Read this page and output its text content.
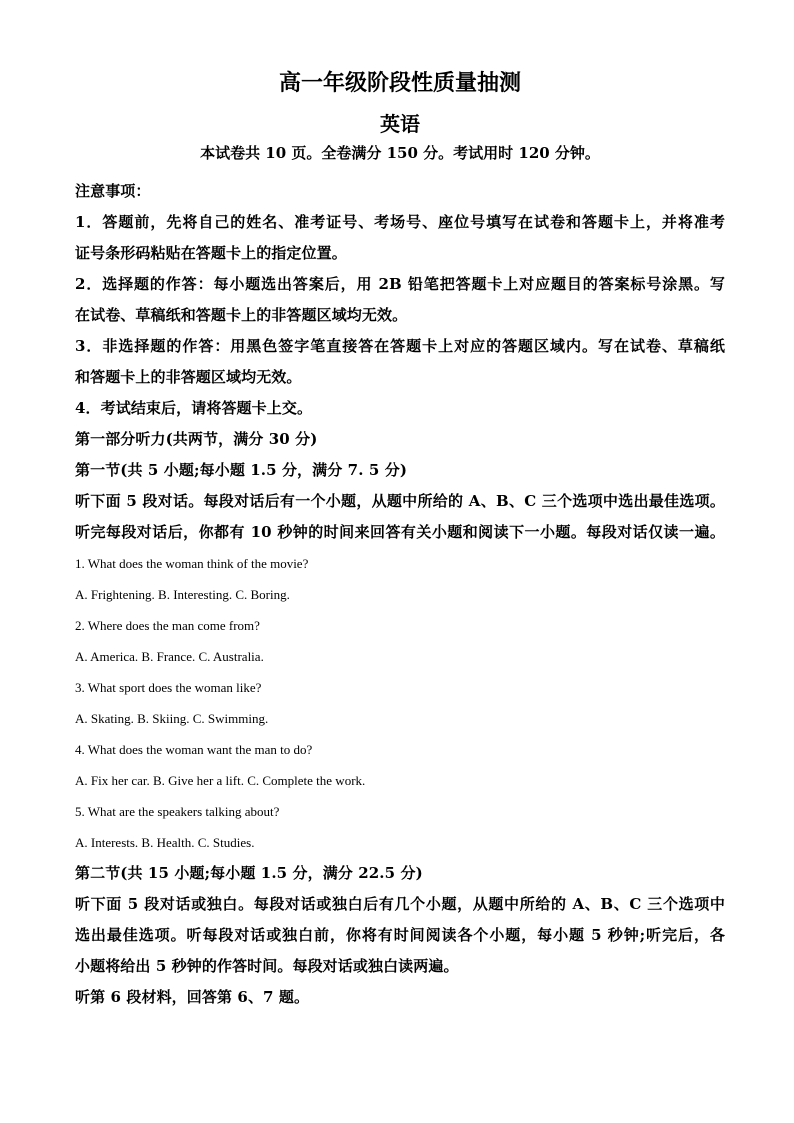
高一年级阶段性质量抽测
英语
本试卷共 10 页。全卷满分 150 分。考试用时 120 分钟。
注意事项：
1．答题前，先将自己的姓名、准考证号、考场号、座位号填写在试卷和答题卡上，并将准考
证号条形码粘贴在答题卡上的指定位置。
2．选择题的作答：每小题选出答案后，用 2B 铅笔把答题卡上对应题目的答案标号涂黑。写
在试卷、草稿纸和答题卡上的非答题区域均无效。
3．非选择题的作答：用黑色签字笔直接答在答题卡上对应的答题区域内。写在试卷、草稿纸
和答题卡上的非答题区域均无效。
4．考试结束后，请将答题卡上交。
第一部分听力(共两节，满分 30 分)
第一节(共 5 小题;每小题 1.5 分，满分 7. 5 分)
听下面 5 段对话。每段对话后有一个小题，从题中所给的 A、B、C 三个选项中选出最佳选项。
听完每段对话后，你都有 10 秒钟的时间来回答有关小题和阅读下一小题。每段对话仅读一遍。
1. What does the woman think of the movie?
A. Frightening. B. Interesting. C. Boring.
2. Where does the man come from?
A. America. B. France. C. Australia.
3. What sport does the woman like?
A. Skating. B. Skiing. C. Swimming.
4. What does the woman want the man to do?
A. Fix her car. B. Give her a lift. C. Complete the work.
5. What are the speakers talking about?
A. Interests. B. Health. C. Studies.
第二节(共 15 小题;每小题 1.5 分，满分 22.5 分)
听下面 5 段对话或独白。每段对话或独白后有几个小题，从题中所给的 A、B、C 三个选项中
选出最佳选项。听每段对话或独白前，你将有时间阅读各个小题，每小题 5 秒钟;听完后，各
小题将给出 5 秒钟的作答时间。每段对话或独白读两遍。
听第 6 段材料，回答第 6、7 题。
